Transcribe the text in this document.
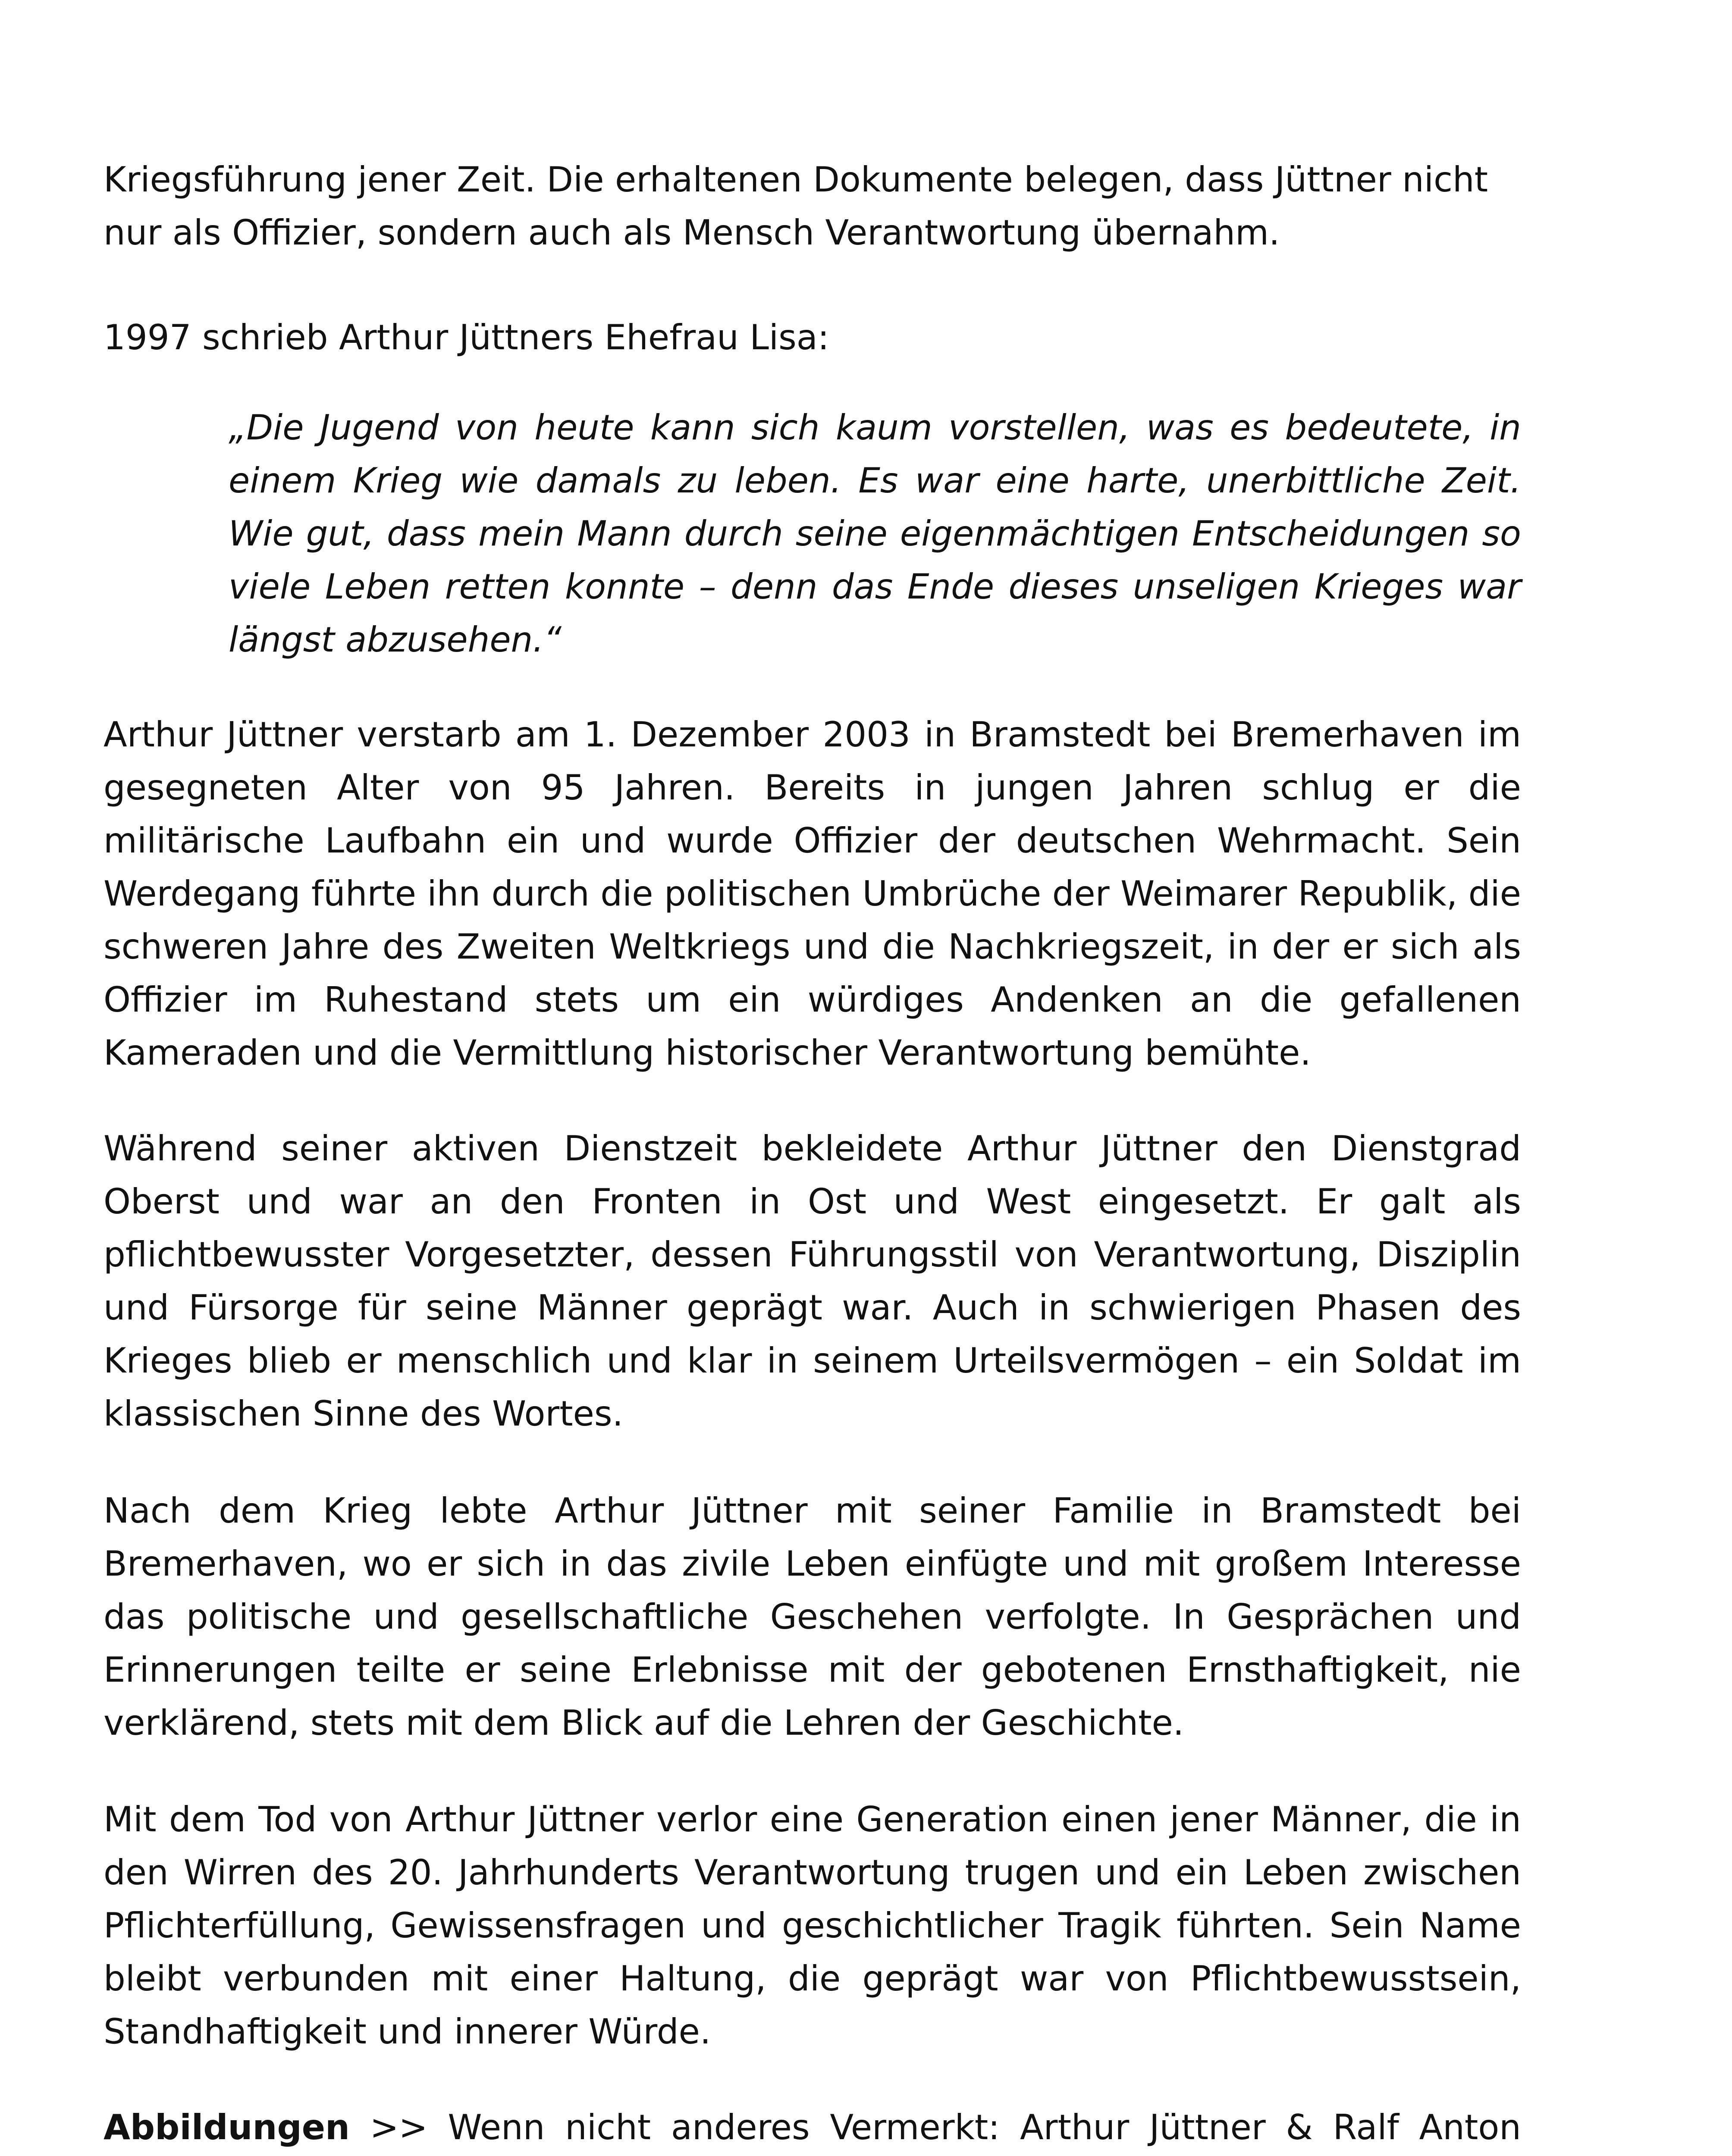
Kriegsführung jener Zeit. Die erhaltenen Dokumente belegen, dass Jüttner nicht nur als Offizier, sondern auch als Mensch Verantwortung übernahm.

1997 schrieb Arthur Jüttners Ehefrau Lisa:

„Die Jugend von heute kann sich kaum vorstellen, was es bedeutete, in einem Krieg wie damals zu leben. Es war eine harte, unerbittliche Zeit. Wie gut, dass mein Mann durch seine eigenmächtigen Entscheidungen so viele Leben retten konnte – denn das Ende dieses unseligen Krieges war längst abzusehen.“

Arthur Jüttner verstarb am 1. Dezember 2003 in Bramstedt bei Bremerhaven im gesegneten Alter von 95 Jahren. Bereits in jungen Jahren schlug er die militärische Laufbahn ein und wurde Offizier der deutschen Wehrmacht. Sein Werdegang führte ihn durch die politischen Umbrüche der Weimarer Republik, die schweren Jahre des Zweiten Weltkriegs und die Nachkriegszeit, in der er sich als Offizier im Ruhestand stets um ein würdiges Andenken an die gefallenen Kameraden und die Vermittlung historischer Verantwortung bemühte.

Während seiner aktiven Dienstzeit bekleidete Arthur Jüttner den Dienstgrad Oberst und war an den Fronten in Ost und West eingesetzt. Er galt als pflichtbewusster Vorgesetzter, dessen Führungsstil von Verantwortung, Disziplin und Fürsorge für seine Männer geprägt war. Auch in schwierigen Phasen des Krieges blieb er menschlich und klar in seinem Urteilsvermögen – ein Soldat im klassischen Sinne des Wortes.

Nach dem Krieg lebte Arthur Jüttner mit seiner Familie in Bramstedt bei Bremerhaven, wo er sich in das zivile Leben einfügte und mit großem Interesse das politische und gesellschaftliche Geschehen verfolgte. In Gesprächen und Erinnerungen teilte er seine Erlebnisse mit der gebotenen Ernsthaftigkeit, nie verklärend, stets mit dem Blick auf die Lehren der Geschichte.

Mit dem Tod von Arthur Jüttner verlor eine Generation einen jener Männer, die in den Wirren des 20. Jahrhunderts Verantwortung trugen und ein Leben zwischen Pflichterfüllung, Gewissensfragen und geschichtlicher Tragik führten. Sein Name bleibt verbunden mit einer Haltung, die geprägt war von Pflichtbewusstsein, Standhaftigkeit und innerer Würde.

Abbildungen >> Wenn nicht anderes Vermerkt: Arthur Jüttner & Ralf Anton
